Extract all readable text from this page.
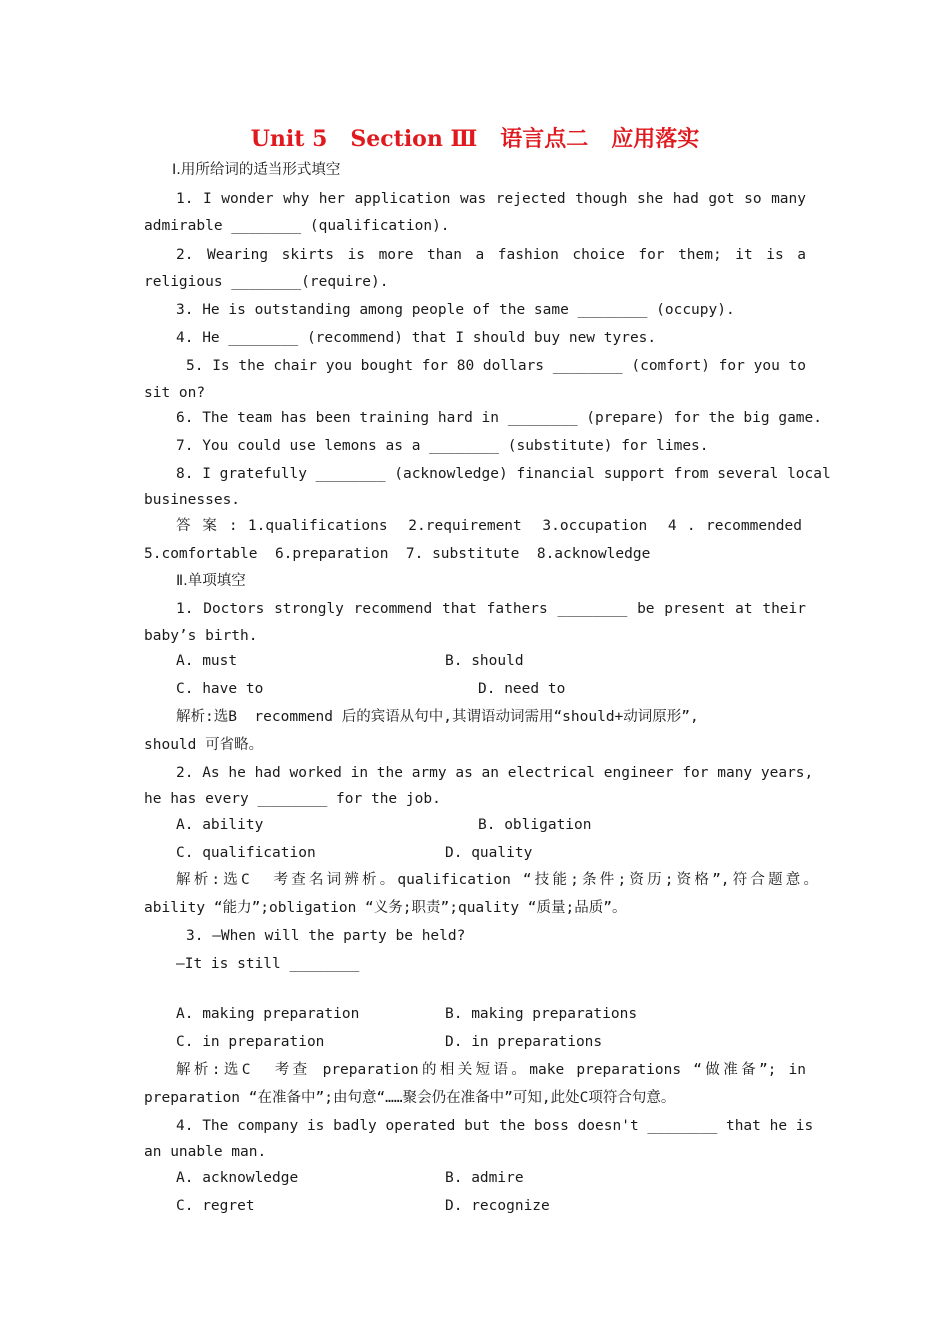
Unit 5   Section Ⅲ   语言点二   应用落实
Ⅰ.用所给词的适当形式填空
1. I wonder why her application was rejected though she had got so many
admirable ________ (qualification).
2. Wearing skirts is more than a fashion choice for them; it is a
religious ________(require).
3. He is outstanding among people of the same ________ (occupy).
4. He ________ (recommend) that I should buy new tyres.
5. Is the chair you bought for 80 dollars ________ (comfort) for you to
sit on?
6. The team has been training hard in ________ (prepare) for the big game.
7. You could use lemons as a ________ (substitute) for limes.
8. I gratefully ________ (acknowledge) financial support from several local
businesses.
答 案 : 1.qualifications  2.requirement  3.occupation  4 . recommended
5.comfortable  6.preparation  7. substitute  8.acknowledge
Ⅱ.单项填空
1. Doctors strongly recommend that fathers ________ be present at their
baby’s birth.
A. must	B. should
C. have to	D. need to
解析:选B  recommend 后的宾语从句中,其谓语动词需用“should+动词原形”,
should 可省略。
2. As he had worked in the army as an electrical engineer for many years,
he has every ________ for the job.
A. ability	B. obligation
C. qualification	D. quality
解析:选C  考查名词辨析。qualification “技能;条件;资历;资格”,符合题意。
ability “能力”;obligation “义务;职责”;quality “质量;品质”。
3. —When will the party be held?
—It is still ________
A. making preparation	B. making preparations
C. in preparation	D. in preparations
解析:选C  考查 preparation的相关短语。make preparations “做准备”; in
preparation “在准备中”;由句意“……聚会仍在准备中”可知,此处C项符合句意。
4. The company is badly operated but the boss doesn't ________ that he is
an unable man.
A. acknowledge	B. admire
C. regret	D. recognize
